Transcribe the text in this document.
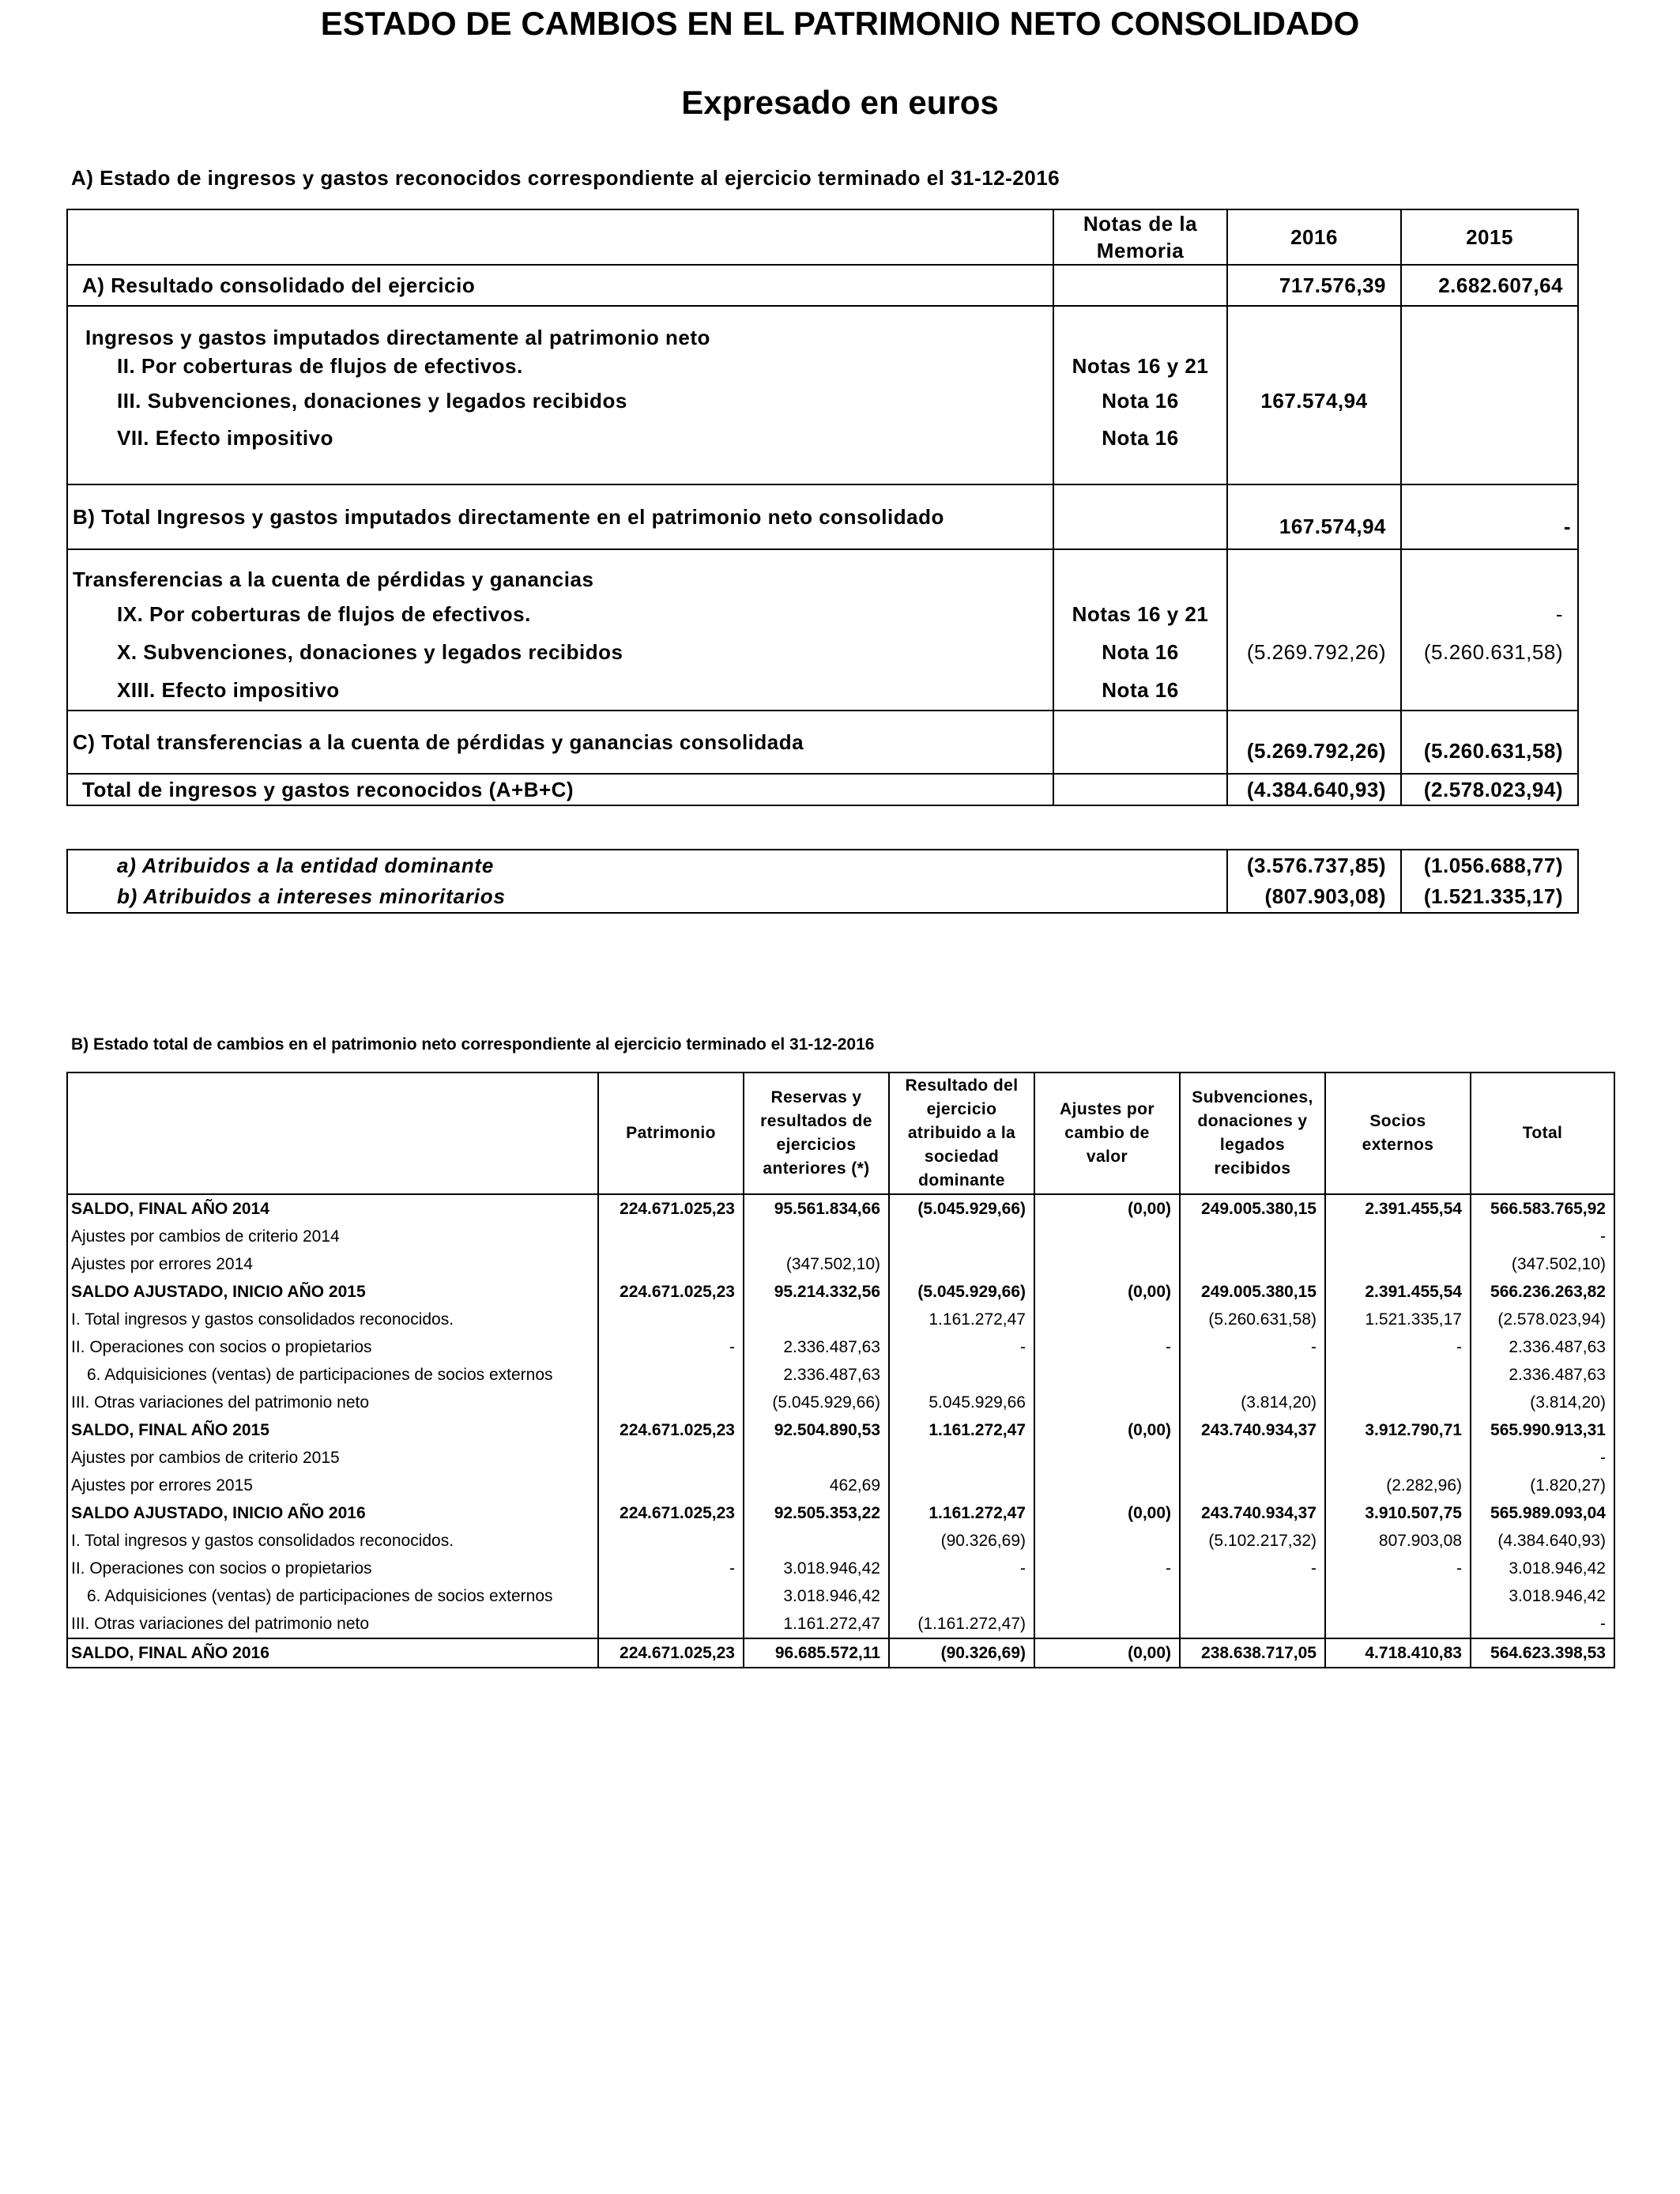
ESTADO DE CAMBIOS EN EL PATRIMONIO NETO CONSOLIDADO
Expresado en euros
A) Estado de ingresos y gastos reconocidos correspondiente al ejercicio terminado el 31-12-2016
	Notas de la Memoria	2016	2015
A) Resultado consolidado del ejercicio		717.576,39	2.682.607,64
Ingresos y gastos imputados directamente al patrimonio neto			
II. Por coberturas de flujos de efectivos.	Notas 16 y 21		
III. Subvenciones, donaciones y legados recibidos	Nota 16	167.574,94	
VII. Efecto impositivo	Nota 16		
B) Total Ingresos y gastos imputados directamente en el patrimonio neto consolidado		167.574,94	-
Transferencias a la cuenta de pérdidas y ganancias			
IX. Por coberturas de flujos de efectivos.	Notas 16 y 21		-
X. Subvenciones, donaciones y legados recibidos	Nota 16	(5.269.792,26)	(5.260.631,58)
XIII. Efecto impositivo	Nota 16		
C) Total transferencias a la cuenta de pérdidas y ganancias consolidada		(5.269.792,26)	(5.260.631,58)
Total de ingresos y gastos reconocidos (A+B+C)		(4.384.640,93)	(2.578.023,94)
a) Atribuidos a la entidad dominante	(3.576.737,85)	(1.056.688,77)
b) Atribuidos a intereses minoritarios	(807.903,08)	(1.521.335,17)
B) Estado total de cambios en el patrimonio neto correspondiente al ejercicio terminado el 31-12-2016
	Patrimonio	Reservas y resultados de ejercicios anteriores (*)	Resultado del ejercicio atribuido a la sociedad dominante	Ajustes por cambio de valor	Subvenciones, donaciones y legados recibidos	Socios externos	Total
SALDO, FINAL AÑO 2014	224.671.025,23	95.561.834,66	(5.045.929,66)	(0,00)	249.005.380,15	2.391.455,54	566.583.765,92
Ajustes por cambios de criterio 2014							-
Ajustes por errores 2014		(347.502,10)					(347.502,10)
SALDO AJUSTADO, INICIO AÑO 2015	224.671.025,23	95.214.332,56	(5.045.929,66)	(0,00)	249.005.380,15	2.391.455,54	566.236.263,82
I. Total ingresos y gastos consolidados reconocidos.			1.161.272,47		(5.260.631,58)	1.521.335,17	(2.578.023,94)
II. Operaciones con socios o propietarios	-	2.336.487,63	-	-	-	-	2.336.487,63
6. Adquisiciones (ventas) de participaciones de socios externos		2.336.487,63					2.336.487,63
III. Otras variaciones del patrimonio neto		(5.045.929,66)	5.045.929,66		(3.814,20)		(3.814,20)
SALDO, FINAL AÑO 2015	224.671.025,23	92.504.890,53	1.161.272,47	(0,00)	243.740.934,37	3.912.790,71	565.990.913,31
Ajustes por cambios de criterio 2015							-
Ajustes por errores 2015		462,69				(2.282,96)	(1.820,27)
SALDO AJUSTADO, INICIO AÑO 2016	224.671.025,23	92.505.353,22	1.161.272,47	(0,00)	243.740.934,37	3.910.507,75	565.989.093,04
I. Total ingresos y gastos consolidados reconocidos.			(90.326,69)		(5.102.217,32)	807.903,08	(4.384.640,93)
II. Operaciones con socios o propietarios	-	3.018.946,42	-	-	-	-	3.018.946,42
6. Adquisiciones (ventas) de participaciones de socios externos		3.018.946,42					3.018.946,42
III. Otras variaciones del patrimonio neto		1.161.272,47	(1.161.272,47)				-
SALDO, FINAL AÑO 2016	224.671.025,23	96.685.572,11	(90.326,69)	(0,00)	238.638.717,05	4.718.410,83	564.623.398,53
